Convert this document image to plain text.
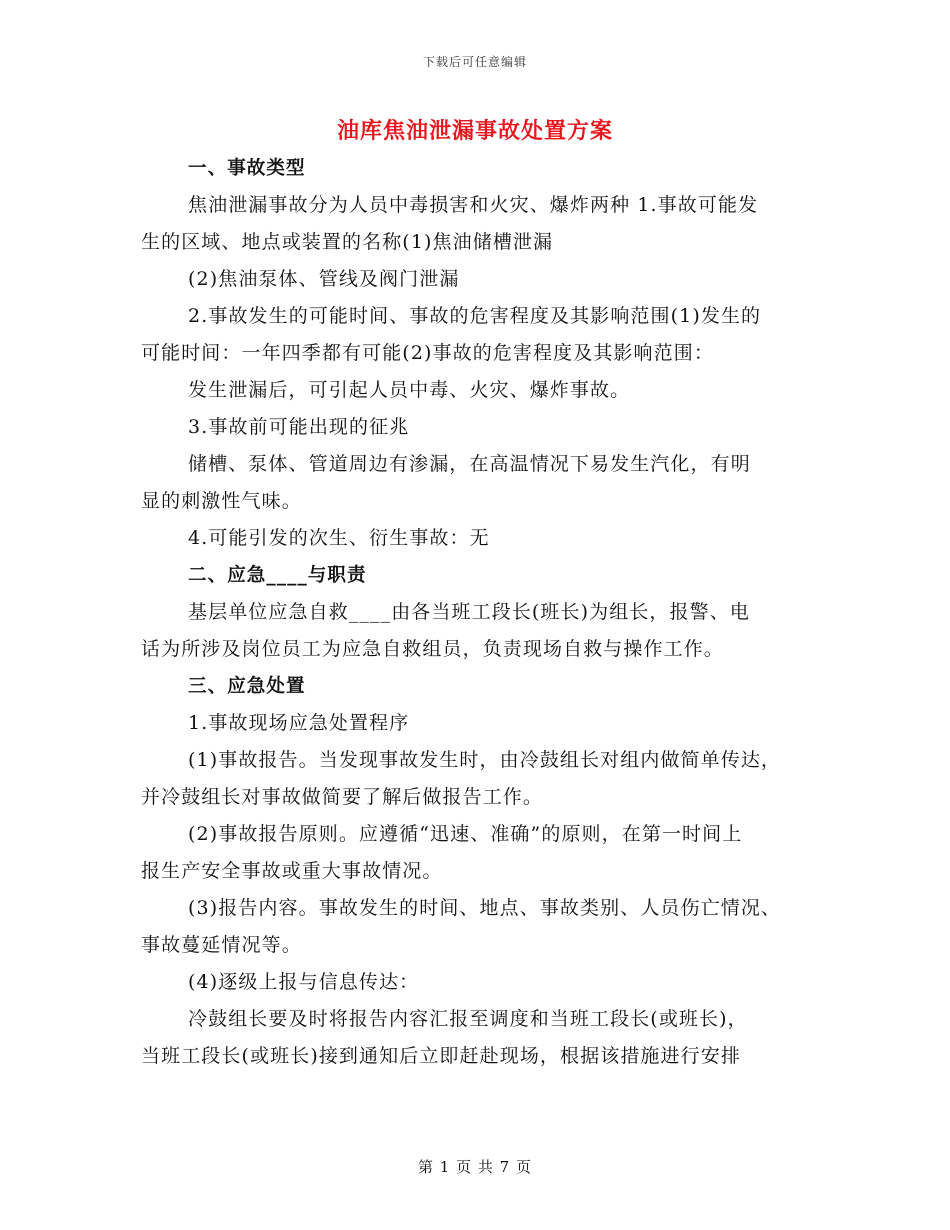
下载后可任意编辑
油库焦油泄漏事故处置方案
一、事故类型
焦油泄漏事故分为人员中毒损害和火灾、爆炸两种 1.事故可能发
生的区域、地点或装置的名称(1)焦油储槽泄漏
(2)焦油泵体、管线及阀门泄漏
2.事故发生的可能时间、事故的危害程度及其影响范围(1)发生的
可能时间：一年四季都有可能(2)事故的危害程度及其影响范围：
发生泄漏后，可引起人员中毒、火灾、爆炸事故。
3.事故前可能出现的征兆
储槽、泵体、管道周边有渗漏，在高温情况下易发生汽化，有明
显的刺激性气味。
4.可能引发的次生、衍生事故：无
二、应急____与职责
基层单位应急自救____由各当班工段长(班长)为组长，报警、电
话为所涉及岗位员工为应急自救组员，负责现场自救与操作工作。
三、应急处置
1.事故现场应急处置程序
(1)事故报告。当发现事故发生时，由冷鼓组长对组内做简单传达，
并冷鼓组长对事故做简要了解后做报告工作。
(2)事故报告原则。应遵循“迅速、准确”的原则，在第一时间上
报生产安全事故或重大事故情况。
(3)报告内容。事故发生的时间、地点、事故类别、人员伤亡情况、
事故蔓延情况等。
(4)逐级上报与信息传达：
冷鼓组长要及时将报告内容汇报至调度和当班工段长(或班长)，
当班工段长(或班长)接到通知后立即赶赴现场，根据该措施进行安排
第 1 页 共 7 页
